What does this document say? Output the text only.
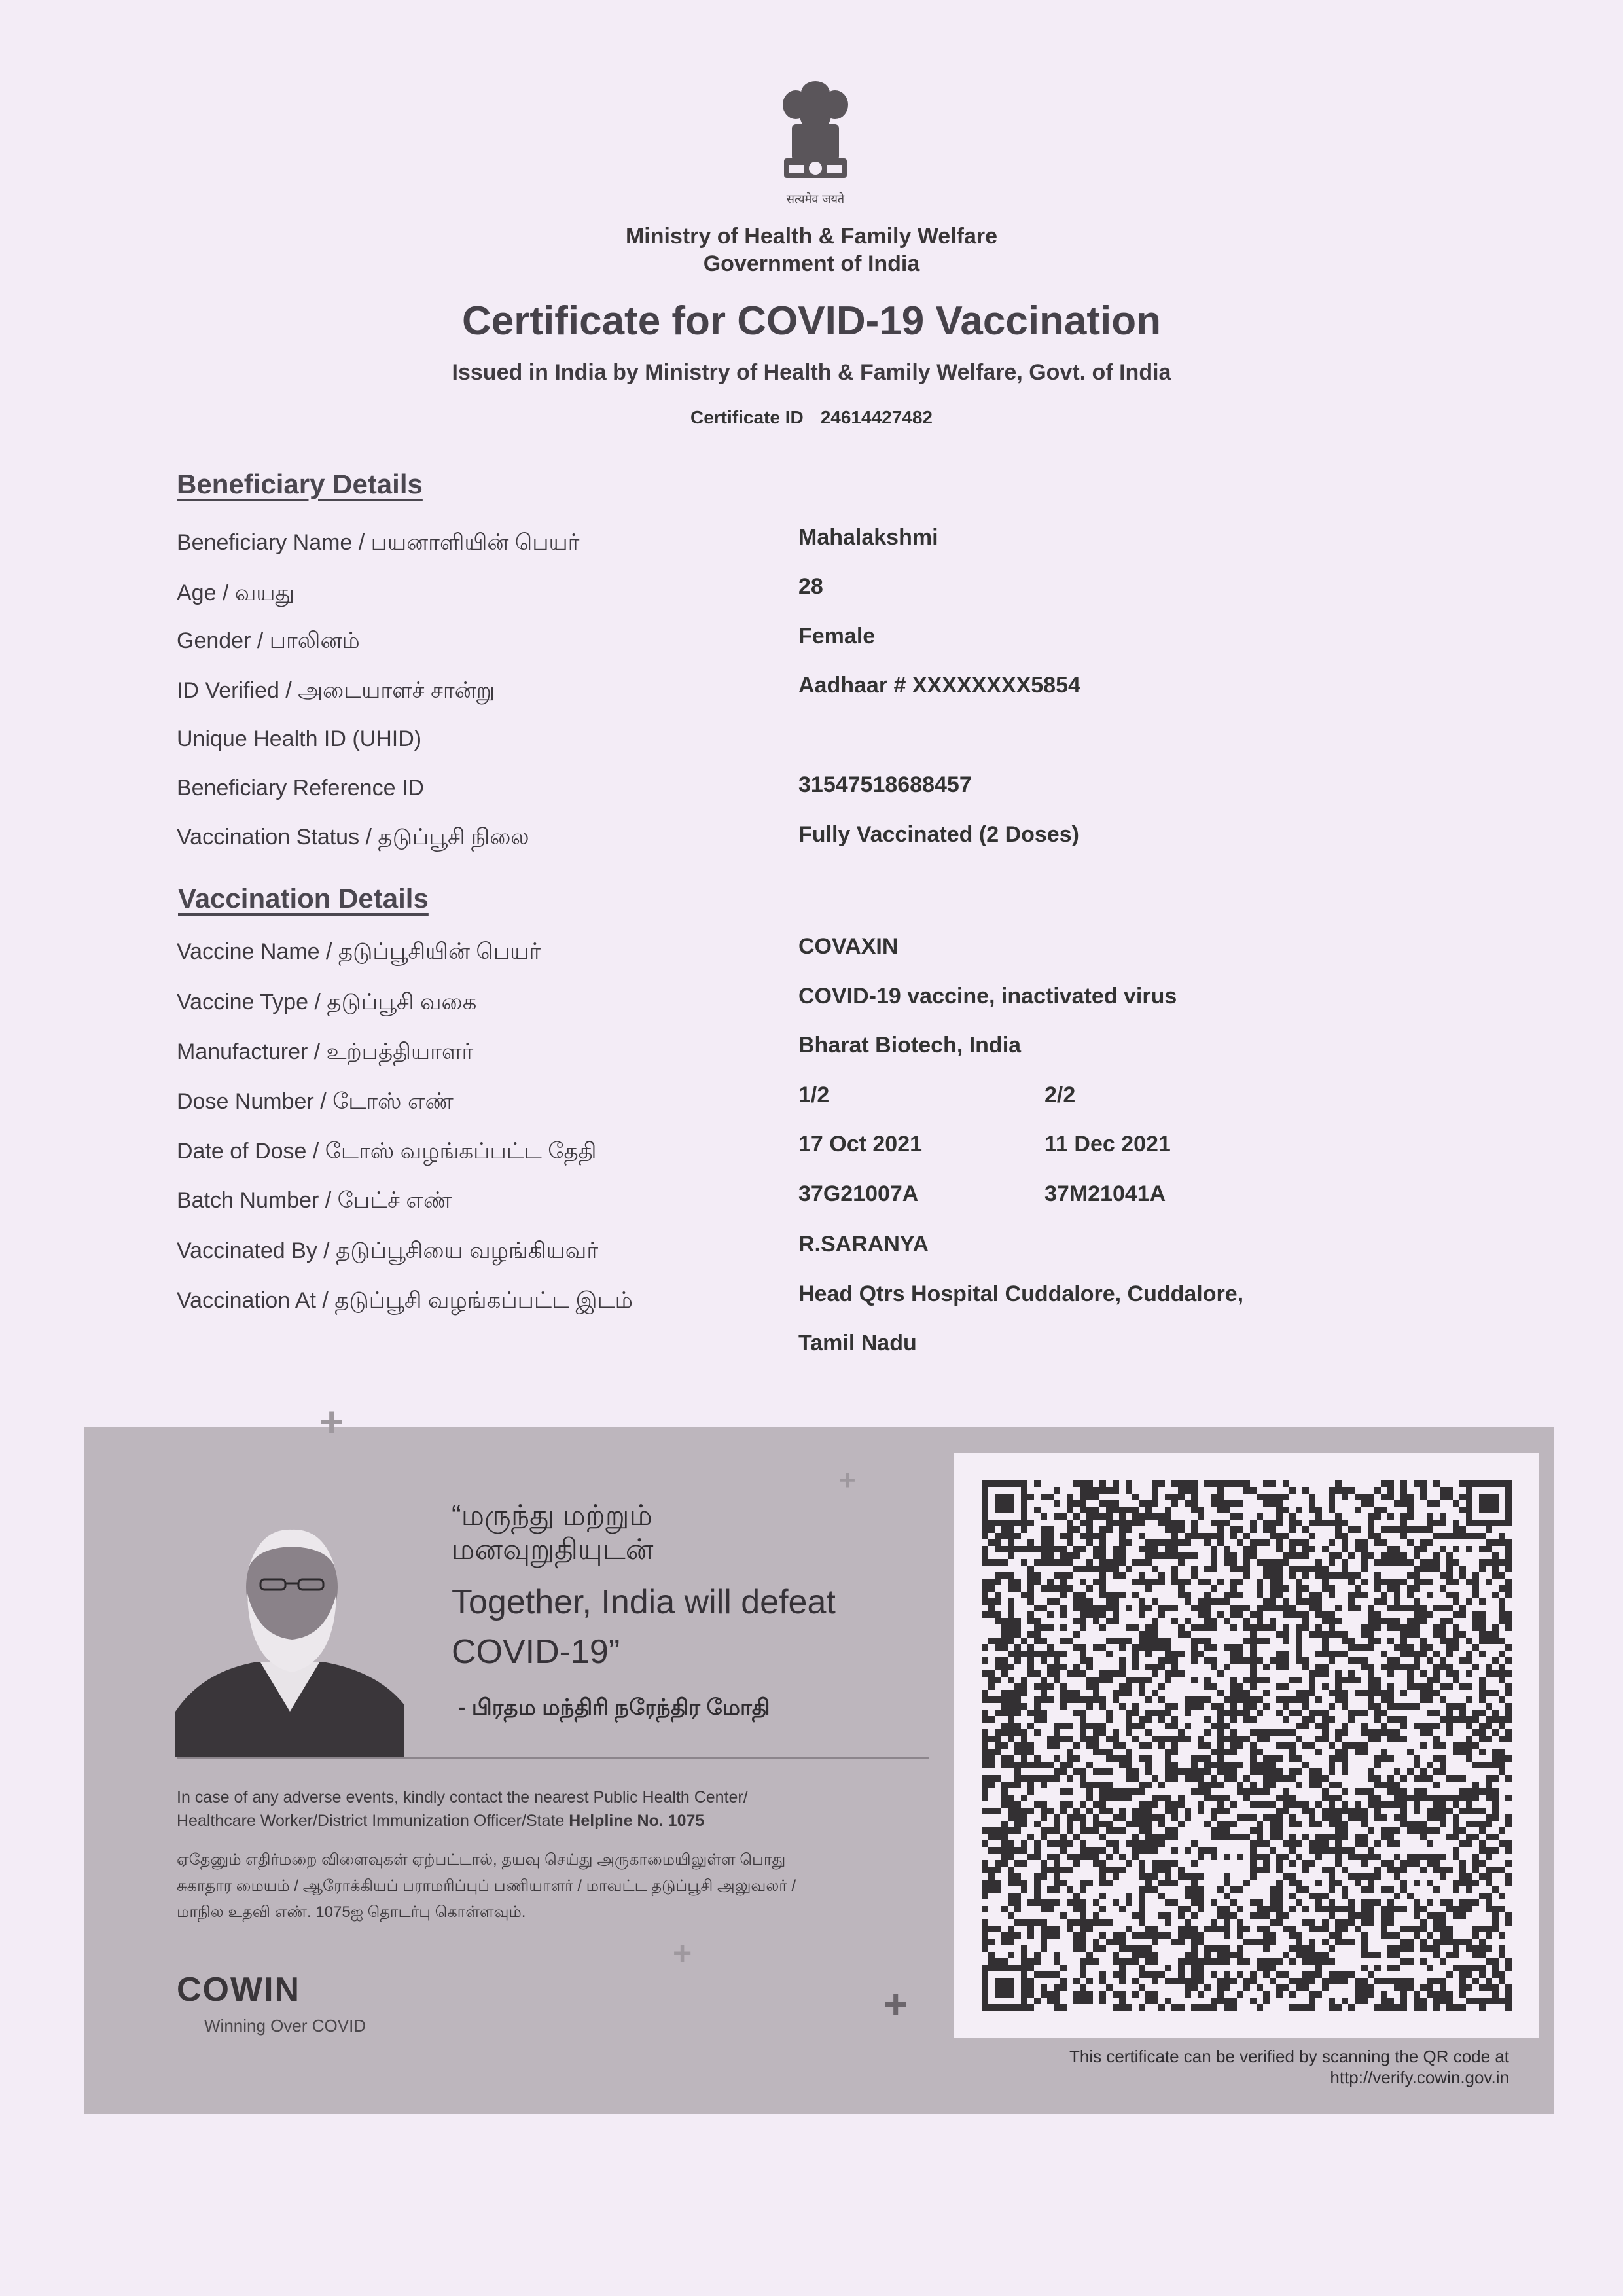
सत्यमेव जयते
Ministry of Health & Family Welfare
Government of India
Certificate for COVID-19 Vaccination
Issued in India by Ministry of Health & Family Welfare, Govt. of India
Certificate ID 24614427482
Beneficiary Details
Beneficiary Name / பயனாளியின் பெயர்	Mahalakshmi
Age / வயது	28
Gender / பாலினம்	Female
ID Verified / அடையாளச் சான்று	Aadhaar # XXXXXXXX5854
Unique Health ID (UHID)
Beneficiary Reference ID	31547518688457
Vaccination Status / தடுப்பூசி நிலை	Fully Vaccinated (2 Doses)
Vaccination Details
Vaccine Name / தடுப்பூசியின் பெயர்	COVAXIN
Vaccine Type / தடுப்பூசி வகை	COVID-19 vaccine, inactivated virus
Manufacturer / உற்பத்தியாளர்	Bharat Biotech, India
Dose Number / டோஸ் எண்	1/2	2/2
Date of Dose / டோஸ் வழங்கப்பட்ட தேதி	17 Oct 2021	11 Dec 2021
Batch Number / பேட்ச் எண்	37G21007A	37M21041A
Vaccinated By / தடுப்பூசியை வழங்கியவர்	R.SARANYA
Vaccination At / தடுப்பூசி வழங்கப்பட்ட இடம்	Head Qtrs Hospital Cuddalore, Cuddalore,
Tamil Nadu
+
+
+
+
“மருந்து மற்றும்
மனவுறுதியுடன்
Together, India will defeat
COVID-19”
- பிரதம மந்திரி நரேந்திர மோதி
In case of any adverse events, kindly contact the nearest Public Health Center/
Healthcare Worker/District Immunization Officer/State Helpline No. 1075
ஏதேனும் எதிர்மறை விளைவுகள் ஏற்பட்டால், தயவு செய்து அருகாமையிலுள்ள பொது
சுகாதார மையம் / ஆரோக்கியப் பராமரிப்புப் பணியாளர் / மாவட்ட தடுப்பூசி அலுவலர் /
மாநில உதவி எண். 1075ஐ தொடர்பு கொள்ளவும்.
COWIN
Winning Over COVID
This certificate can be verified by scanning the QR code at
http://verify.cowin.gov.in
